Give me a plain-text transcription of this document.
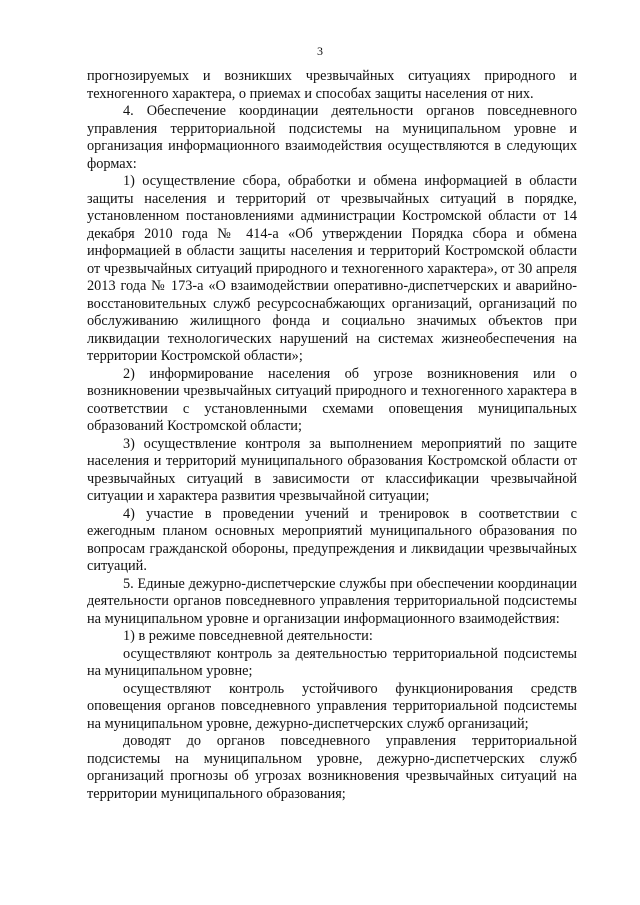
3

прогнозируемых и возникших чрезвычайных ситуациях природного и техногенного характера, о приемах и способах защиты населения от них.

4. Обеспечение координации деятельности органов повседневного управления территориальной подсистемы на муниципальном уровне и организация информационного взаимодействия осуществляются в следующих формах:

1) осуществление сбора, обработки и обмена информацией в области защиты населения и территорий от чрезвычайных ситуаций в порядке, установленном постановлениями администрации Костромской области от 14 декабря 2010 года № 414-а «Об утверждении Порядка сбора и обмена информацией в области защиты населения и территорий Костромской области от чрезвычайных ситуаций природного и техногенного характера», от 30 апреля 2013 года № 173-а «О взаимодействии оперативно-диспетчерских и аварийно-восстановительных служб ресурсоснабжающих организаций, организаций по обслуживанию жилищного фонда и социально значимых объектов при ликвидации технологических нарушений на системах жизнеобеспечения на территории Костромской области»;

2) информирование населения об угрозе возникновения или о возникновении чрезвычайных ситуаций природного и техногенного характера в соответствии с установленными схемами оповещения муниципальных образований Костромской области;

3) осуществление контроля за выполнением мероприятий по защите населения и территорий муниципального образования Костромской области от чрезвычайных ситуаций в зависимости от классификации чрезвычайной ситуации и характера развития чрезвычайной ситуации;

4) участие в проведении учений и тренировок в соответствии с ежегодным планом основных мероприятий муниципального образования по вопросам гражданской обороны, предупреждения и ликвидации чрезвычайных ситуаций.

5. Единые дежурно-диспетчерские службы при обеспечении координации деятельности органов повседневного управления территориальной подсистемы на муниципальном уровне и организации информационного взаимодействия:

1) в режиме повседневной деятельности:

осуществляют контроль за деятельностью территориальной подсистемы на муниципальном уровне;

осуществляют контроль устойчивого функционирования средств оповещения органов повседневного управления территориальной подсистемы на муниципальном уровне, дежурно-диспетчерских служб организаций;

доводят до органов повседневного управления территориальной подсистемы на муниципальном уровне, дежурно-диспетчерских служб организаций прогнозы об угрозах возникновения чрезвычайных ситуаций на территории муниципального образования;
